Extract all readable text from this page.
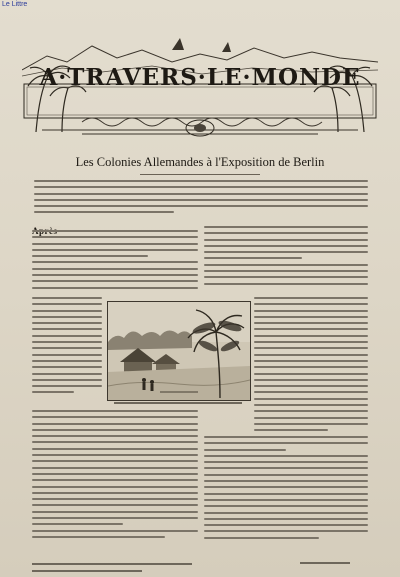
Le Littre
A·TRAVERS·LE·MONDE
Les Colonies Allemandes à l'Exposition de Berlin
